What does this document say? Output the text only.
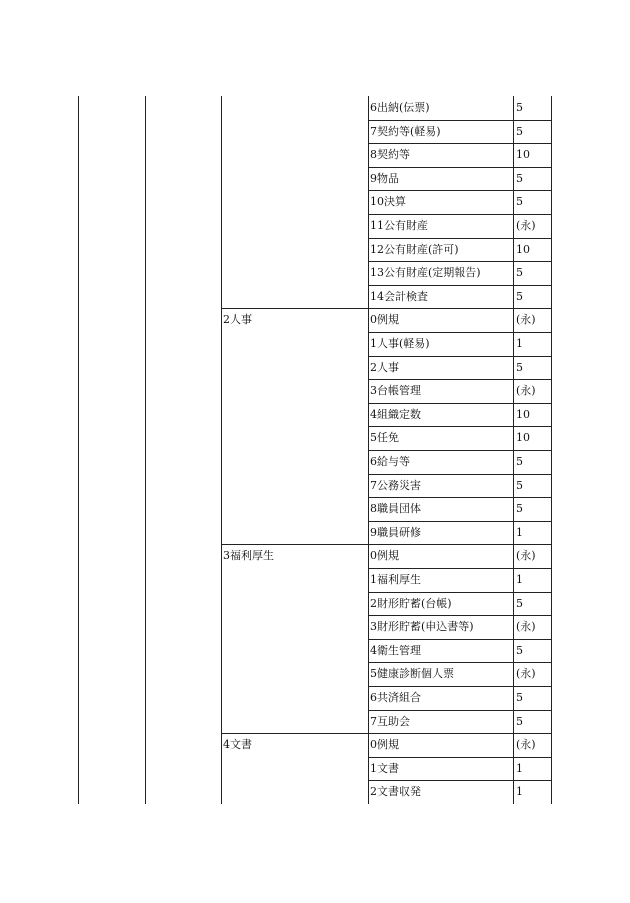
6出納(伝票)	5
7契約等(軽易)	5
8契約等	10
9物品	5
10決算	5
11公有財産	(永)
12公有財産(許可)	10
13公有財産(定期報告)	5
14会計検査	5
2人事	0例規	(永)
1人事(軽易)	1
2人事	5
3台帳管理	(永)
4組織定数	10
5任免	10
6給与等	5
7公務災害	5
8職員団体	5
9職員研修	1
3福利厚生	0例規	(永)
1福利厚生	1
2財形貯蓄(台帳)	5
3財形貯蓄(申込書等)	(永)
4衛生管理	5
5健康診断個人票	(永)
6共済組合	5
7互助会	5
4文書	0例規	(永)
1文書	1
2文書収発	1
